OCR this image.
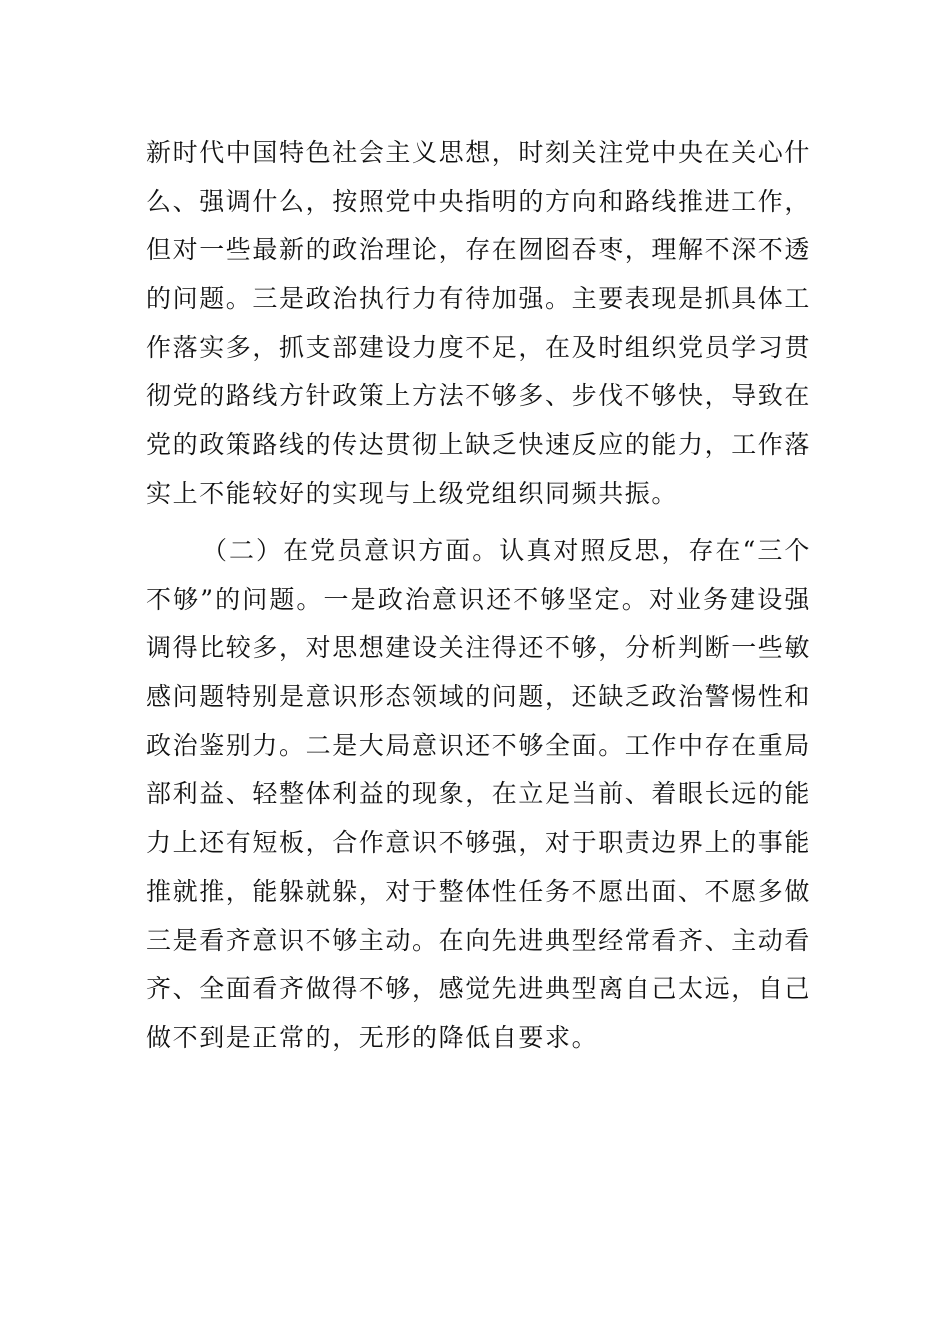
新时代中国特色社会主义思想，时刻关注党中央在关心什
么、强调什么，按照党中央指明的方向和路线推进工作，
但对一些最新的政治理论，存在囫囵吞枣，理解不深不透
的问题。三是政治执行力有待加强。主要表现是抓具体工
作落实多，抓支部建设力度不足，在及时组织党员学习贯
彻党的路线方针政策上方法不够多、步伐不够快，导致在
党的政策路线的传达贯彻上缺乏快速反应的能力，工作落
实上不能较好的实现与上级党组织同频共振。
（二）在党员意识方面。认真对照反思，存在“三个
不够”的问题。一是政治意识还不够坚定。对业务建设强
调得比较多，对思想建设关注得还不够，分析判断一些敏
感问题特别是意识形态领域的问题，还缺乏政治警惕性和
政治鉴别力。二是大局意识还不够全面。工作中存在重局
部利益、轻整体利益的现象，在立足当前、着眼长远的能
力上还有短板，合作意识不够强，对于职责边界上的事能
推就推，能躲就躲，对于整体性任务不愿出面、不愿多做
三是看齐意识不够主动。在向先进典型经常看齐、主动看
齐、全面看齐做得不够，感觉先进典型离自己太远，自己
做不到是正常的，无形的降低自要求。
